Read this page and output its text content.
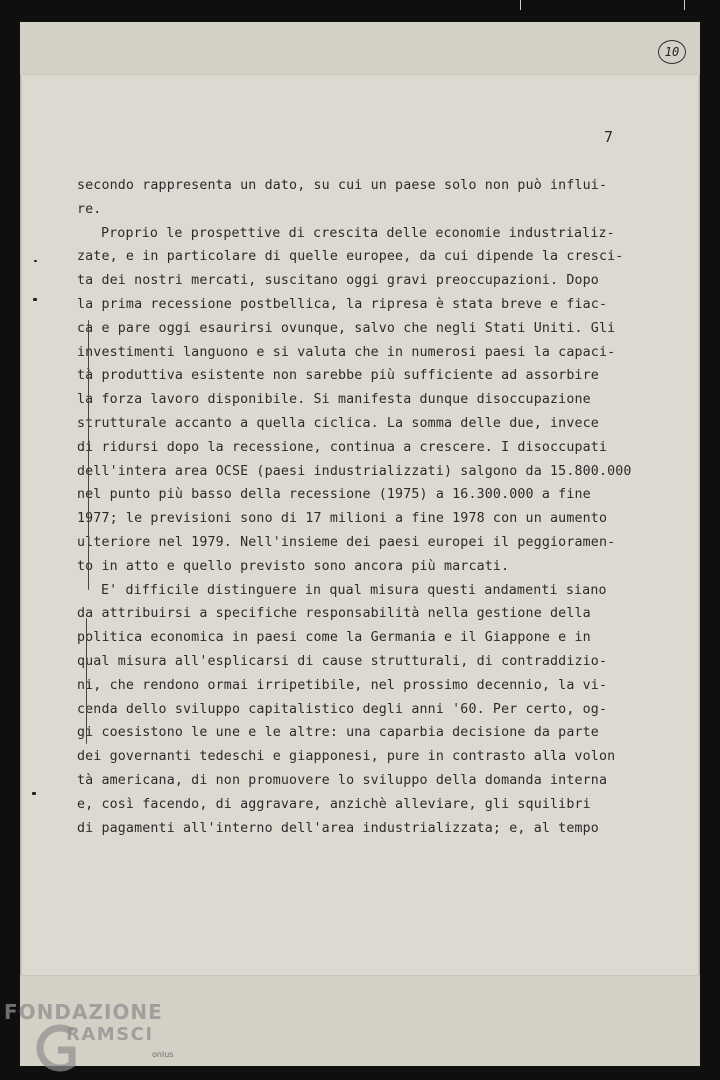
10
7
secondo rappresenta un dato, su cui un paese solo non può influi-
re.
Proprio le prospettive di crescita delle economie industrializ-
zate, e in particolare di quelle europee, da cui dipende la cresci-
ta dei nostri mercati, suscitano oggi gravi preoccupazioni. Dopo
la prima recessione postbellica, la ripresa è stata breve e fiac-
ca e pare oggi esaurirsi ovunque, salvo che negli Stati Uniti. Gli
investimenti languono e si valuta che in numerosi paesi la capaci-
tà produttiva esistente non sarebbe più sufficiente ad assorbire
la forza lavoro disponibile. Si manifesta dunque disoccupazione
strutturale accanto a quella ciclica. La somma delle due, invece
di ridursi dopo la recessione, continua a crescere. I disoccupati
dell'intera area OCSE (paesi industrializzati) salgono da 15.800.000
nel punto più basso della recessione (1975) a 16.300.000 a fine
1977; le previsioni sono di 17 milioni a fine 1978 con un aumento
ulteriore nel 1979. Nell'insieme dei paesi europei il peggioramen-
to in atto e quello previsto sono ancora più marcati.
E' difficile distinguere in qual misura questi andamenti siano
da attribuirsi a specifiche responsabilità nella gestione della
politica economica in paesi come la Germania e il Giappone e in
qual misura all'esplicarsi di cause strutturali, di contraddizio-
ni, che rendono ormai irripetibile, nel prossimo decennio, la vi-
cenda dello sviluppo capitalistico degli anni '60. Per certo, og-
gi coesistono le une e le altre: una caparbia decisione da parte
dei governanti tedeschi e giapponesi, pure in contrasto alla volon
tà americana, di non promuovere lo sviluppo della domanda interna
e, così facendo, di aggravare, anzichè alleviare, gli squilibri
di pagamenti all'interno dell'area industrializzata; e, al tempo
FONDAZIONE
RAMSCI
onlus
